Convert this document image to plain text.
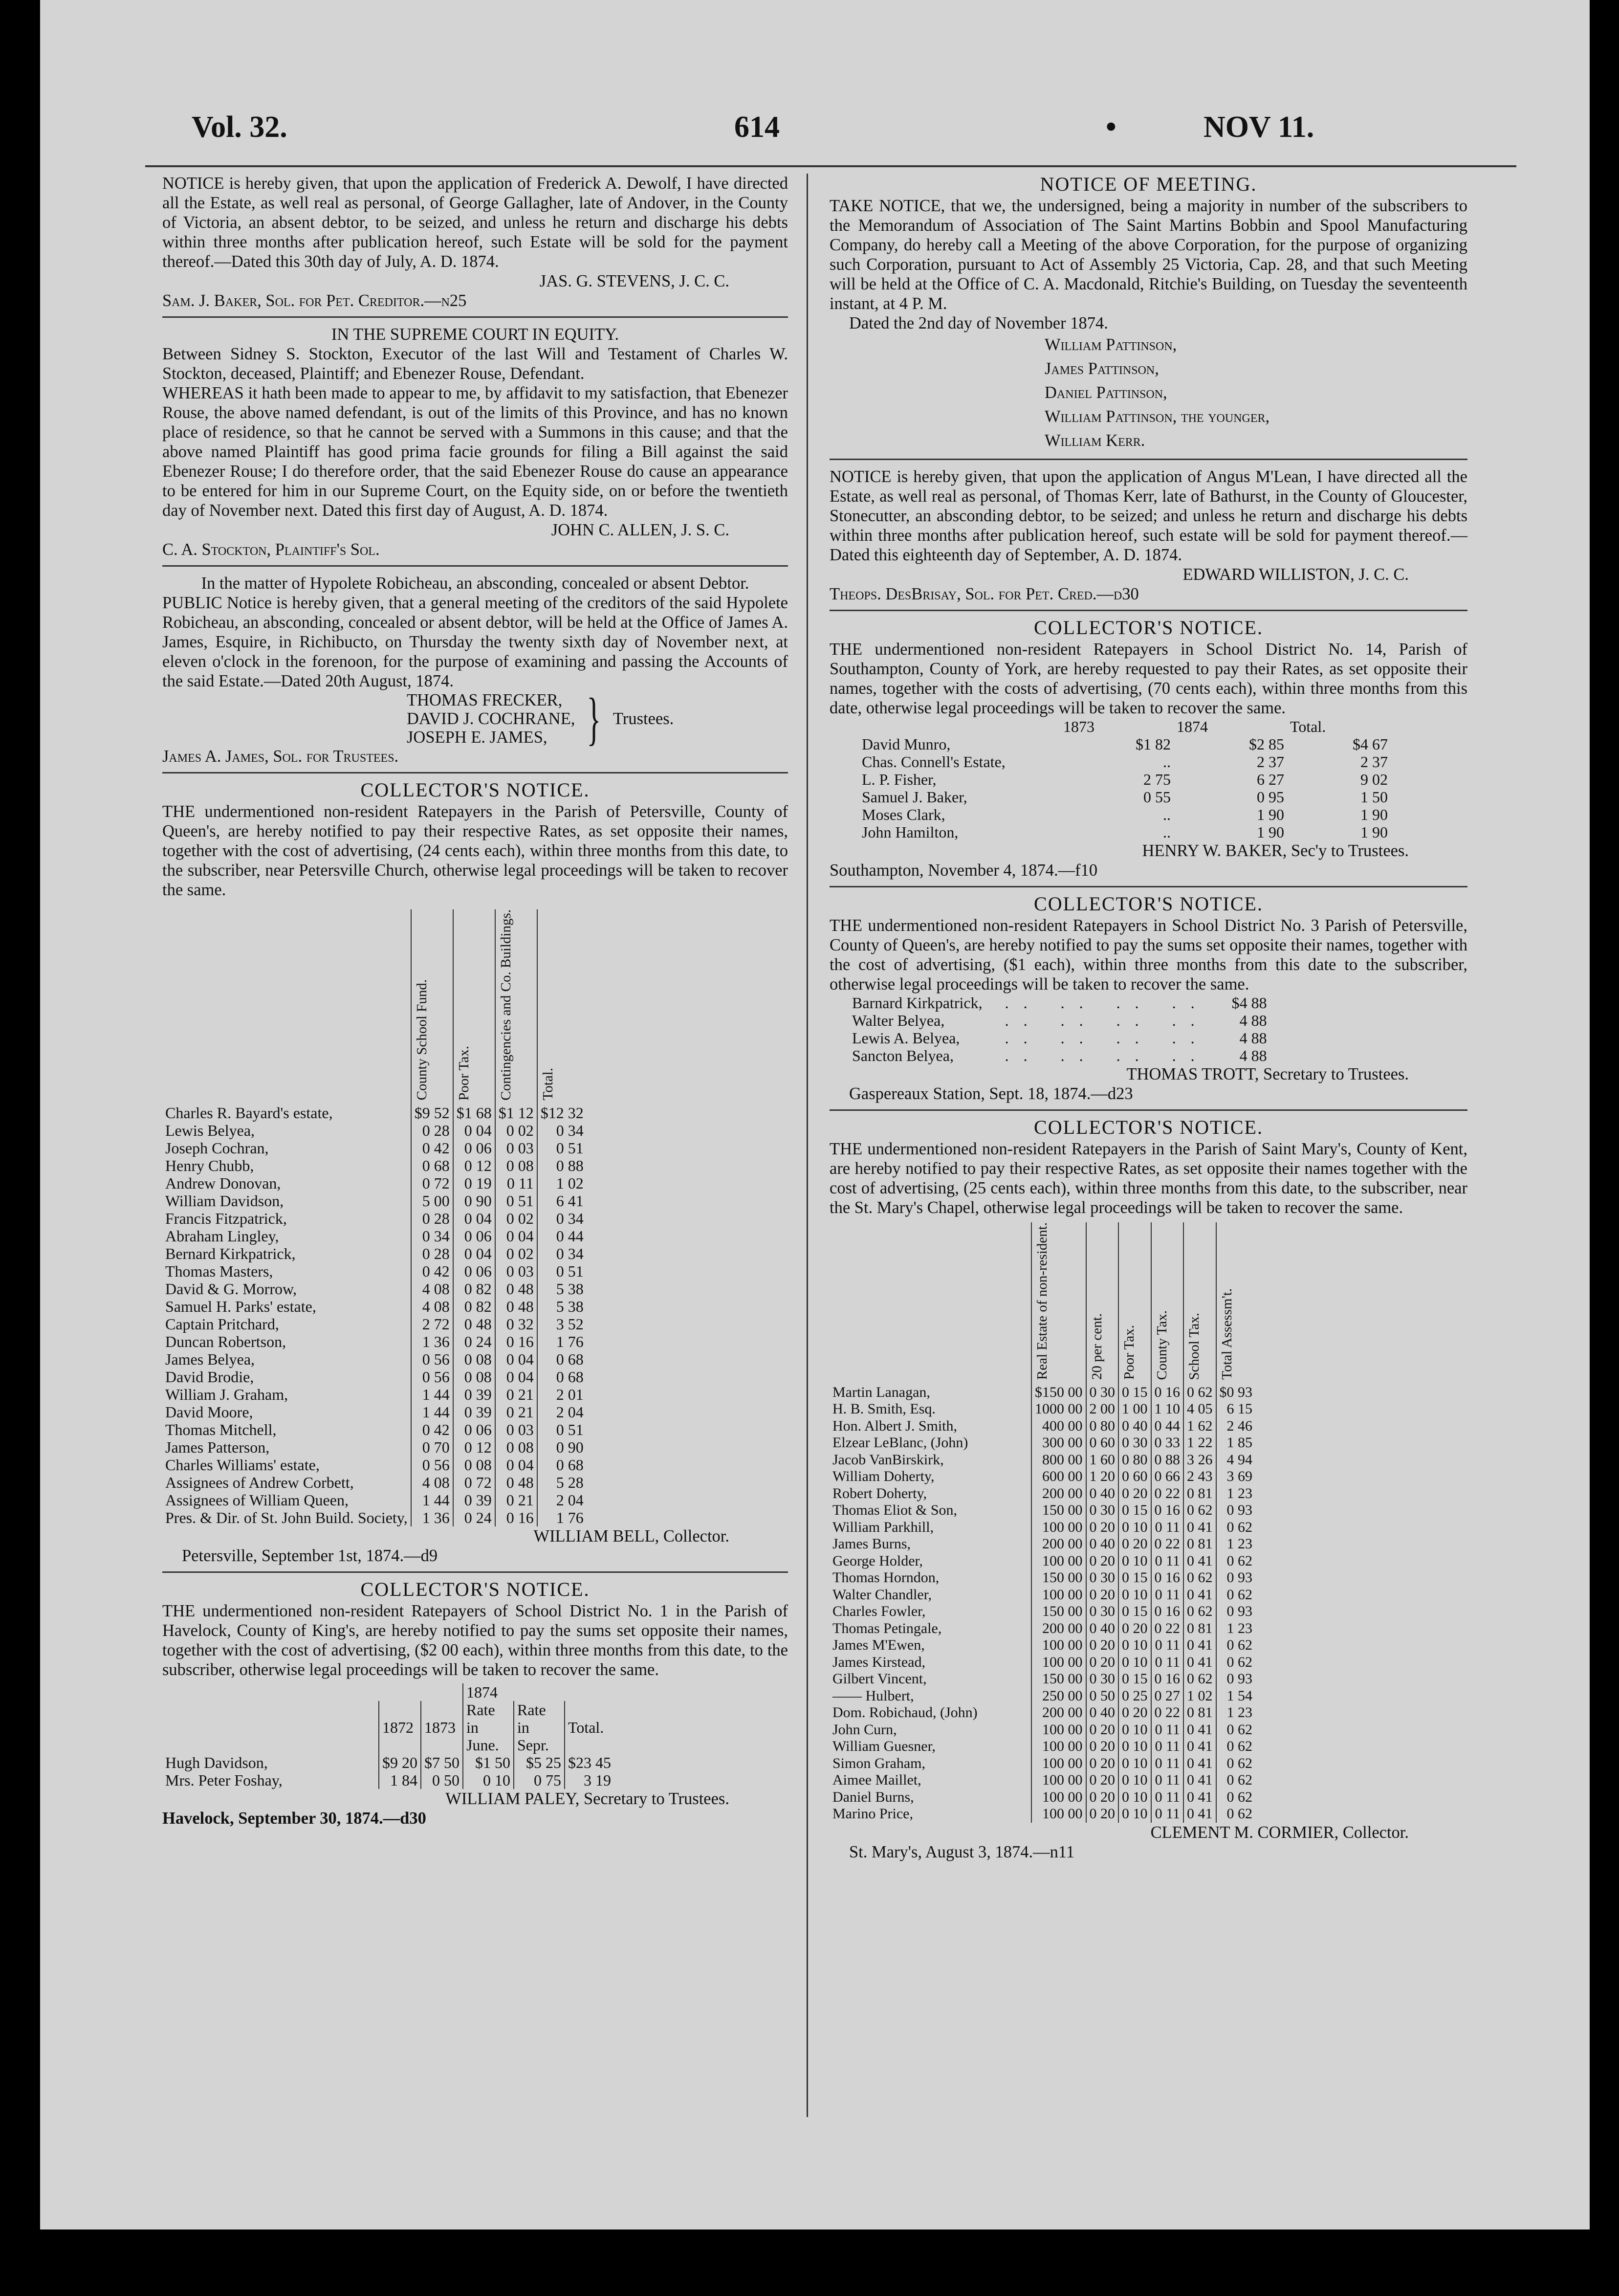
Vol. 32.	614	•	NOV 11.

NOTICE is hereby given, that upon the application of Frederick A. Dewolf, I have directed all the Estate, as well real as personal, of George Gallagher, late of Andover, in the County of Victoria, an absent debtor, to be seized, and unless he return and discharge his debts within three months after publication hereof, such Estate will be sold for the payment thereof.—Dated this 30th day of July, A. D. 1874.

JAS. G. STEVENS, J. C. C.
Sam. J. Baker, Sol. for Pet. Creditor.—n25
IN THE SUPREME COURT IN EQUITY.

Between Sidney S. Stockton, Executor of the last Will and Testament of Charles W. Stockton, deceased, Plaintiff; and Ebenezer Rouse, Defendant.

WHEREAS it hath been made to appear to me, by affidavit to my satisfaction, that Ebenezer Rouse, the above named defendant, is out of the limits of this Province, and has no known place of residence, so that he cannot be served with a Summons in this cause; and that the above named Plaintiff has good prima facie grounds for filing a Bill against the said Ebenezer Rouse; I do therefore order, that the said Ebenezer Rouse do cause an appearance to be entered for him in our Supreme Court, on the Equity side, on or before the twentieth day of November next. Dated this first day of August, A. D. 1874.

JOHN C. ALLEN, J. S. C.
C. A. Stockton, Plaintiff's Sol.
In the matter of Hypolete Robicheau, an absconding, concealed or absent Debtor.

PUBLIC Notice is hereby given, that a general meeting of the creditors of the said Hypolete Robicheau, an absconding, concealed or absent debtor, will be held at the Office of James A. James, Esquire, in Richibucto, on Thursday the twenty sixth day of November next, at eleven o'clock in the forenoon, for the purpose of examining and passing the Accounts of the said Estate.—Dated 20th August, 1874.

THOMAS FRECKER,
DAVID J. COCHRANE,
JOSEPH E. JAMES, } Trustees.
James A. James, Sol. for Trustees.
COLLECTOR'S NOTICE.

THE undermentioned non-resident Ratepayers in the Parish of Petersville, County of Queen's, are hereby notified to pay their respective Rates, as set opposite their names, together with the cost of advertising, (24 cents each), within three months from this date, to the subscriber, near Petersville Church, otherwise legal proceedings will be taken to recover the same.

	County School Fund.	Poor Tax.	Contingencies and Co. Buildings.	Total.
Charles R. Bayard's estate,	$9 52	$1 68	$1 12	$12 32
Lewis Belyea,	0 28	0 04	0 02	0 34
Joseph Cochran,	0 42	0 06	0 03	0 51
Henry Chubb,	0 68	0 12	0 08	0 88
Andrew Donovan,	0 72	0 19	0 11	1 02
William Davidson,	5 00	0 90	0 51	6 41
Francis Fitzpatrick,	0 28	0 04	0 02	0 34
Abraham Lingley,	0 34	0 06	0 04	0 44
Bernard Kirkpatrick,	0 28	0 04	0 02	0 34
Thomas Masters,	0 42	0 06	0 03	0 51
David & G. Morrow,	4 08	0 82	0 48	5 38
Samuel H. Parks' estate,	4 08	0 82	0 48	5 38
Captain Pritchard,	2 72	0 48	0 32	3 52
Duncan Robertson,	1 36	0 24	0 16	1 76
James Belyea,	0 56	0 08	0 04	0 68
David Brodie,	0 56	0 08	0 04	0 68
William J. Graham,	1 44	0 39	0 21	2 01
David Moore,	1 44	0 39	0 21	2 04
Thomas Mitchell,	0 42	0 06	0 03	0 51
James Patterson,	0 70	0 12	0 08	0 90
Charles Williams' estate,	0 56	0 08	0 04	0 68
Assignees of Andrew Corbett,	4 08	0 72	0 48	5 28
Assignees of William Queen,	1 44	0 39	0 21	2 04
Pres. & Dir. of St. John Build. Society,	1 36	0 24	0 16	1 76
WILLIAM BELL, Collector.
Petersville, September 1st, 1874.—d9
COLLECTOR'S NOTICE.

THE undermentioned non-resident Ratepayers of School District No. 1 in the Parish of Havelock, County of King's, are hereby notified to pay the sums set opposite their names, together with the cost of advertising, ($2 00 each), within three months from this date, to the subscriber, otherwise legal proceedings will be taken to recover the same.

			1874		
	1872	1873	Rate in June.	Rate in Sepr.	Total.
Hugh Davidson,	$9 20	$7 50	$1 50	$5 25	$23 45
Mrs. Peter Foshay,	1 84	0 50	0 10	0 75	3 19
WILLIAM PALEY, Secretary to Trustees.
Havelock, September 30, 1874.—d30
NOTICE OF MEETING.

TAKE NOTICE, that we, the undersigned, being a majority in number of the subscribers to the Memorandum of Association of The Saint Martins Bobbin and Spool Manufacturing Company, do hereby call a Meeting of the above Corporation, for the purpose of organizing such Corporation, pursuant to Act of Assembly 25 Victoria, Cap. 28, and that such Meeting will be held at the Office of C. A. Macdonald, Ritchie's Building, on Tuesday the seventeenth instant, at 4 P. M.

Dated the 2nd day of November 1874.
William Pattinson,
James Pattinson,
Daniel Pattinson,
William Pattinson, the younger,
William Kerr.

NOTICE is hereby given, that upon the application of Angus M'Lean, I have directed all the Estate, as well real as personal, of Thomas Kerr, late of Bathurst, in the County of Gloucester, Stonecutter, an absconding debtor, to be seized; and unless he return and discharge his debts within three months after publication hereof, such estate will be sold for payment thereof.—Dated this eighteenth day of September, A. D. 1874.

EDWARD WILLISTON, J. C. C.
Theops. DesBrisay, Sol. for Pet. Cred.—d30
COLLECTOR'S NOTICE.

THE undermentioned non-resident Ratepayers in School District No. 14, Parish of Southampton, County of York, are hereby requested to pay their Rates, as set opposite their names, together with the costs of advertising, (70 cents each), within three months from this date, otherwise legal proceedings will be taken to recover the same.

	1873	1874	Total.
David Munro,	$1 82	$2 85	$4 67
Chas. Connell's Estate,	..	2 37	2 37
L. P. Fisher,	2 75	6 27	9 02
Samuel J. Baker,	0 55	0 95	1 50
Moses Clark,	..	1 90	1 90
John Hamilton,	..	1 90	1 90
HENRY W. BAKER, Sec'y to Trustees.
Southampton, November 4, 1874.—f10
COLLECTOR'S NOTICE.

THE undermentioned non-resident Ratepayers in School District No. 3 Parish of Petersville, County of Queen's, are hereby notified to pay the sums set opposite their names, together with the cost of advertising, ($1 each), within three months from this date to the subscriber, otherwise legal proceedings will be taken to recover the same.

Barnard Kirkpatrick,	.. .. .. ..	$4 88
Walter Belyea,	.. .. .. ..	4 88
Lewis A. Belyea,	.. .. .. ..	4 88
Sancton Belyea,	.. .. .. ..	4 88
THOMAS TROTT, Secretary to Trustees.
Gaspereaux Station, Sept. 18, 1874.—d23
COLLECTOR'S NOTICE.

THE undermentioned non-resident Ratepayers in the Parish of Saint Mary's, County of Kent, are hereby notified to pay their respective Rates, as set opposite their names together with the cost of advertising, (25 cents each), within three months from this date, to the subscriber, near the St. Mary's Chapel, otherwise legal proceedings will be taken to recover the same.

	Real Estate of non-resident.	20 per cent.	Poor Tax.	County Tax.	School Tax.	Total Assessm't.
Martin Lanagan,	$150 00	0 30	0 15	0 16	0 62	$0 93
H. B. Smith, Esq.	1000 00	2 00	1 00	1 10	4 05	6 15
Hon. Albert J. Smith,	400 00	0 80	0 40	0 44	1 62	2 46
Elzear LeBlanc, (John)	300 00	0 60	0 30	0 33	1 22	1 85
Jacob VanBirskirk,	800 00	1 60	0 80	0 88	3 26	4 94
William Doherty,	600 00	1 20	0 60	0 66	2 43	3 69
Robert Doherty,	200 00	0 40	0 20	0 22	0 81	1 23
Thomas Eliot & Son,	150 00	0 30	0 15	0 16	0 62	0 93
William Parkhill,	100 00	0 20	0 10	0 11	0 41	0 62
James Burns,	200 00	0 40	0 20	0 22	0 81	1 23
George Holder,	100 00	0 20	0 10	0 11	0 41	0 62
Thomas Horndon,	150 00	0 30	0 15	0 16	0 62	0 93
Walter Chandler,	100 00	0 20	0 10	0 11	0 41	0 62
Charles Fowler,	150 00	0 30	0 15	0 16	0 62	0 93
Thomas Petingale,	200 00	0 40	0 20	0 22	0 81	1 23
James M'Ewen,	100 00	0 20	0 10	0 11	0 41	0 62
James Kirstead,	100 00	0 20	0 10	0 11	0 41	0 62
Gilbert Vincent,	150 00	0 30	0 15	0 16	0 62	0 93
—— Hulbert,	250 00	0 50	0 25	0 27	1 02	1 54
Dom. Robichaud, (John)	200 00	0 40	0 20	0 22	0 81	1 23
John Curn,	100 00	0 20	0 10	0 11	0 41	0 62
William Guesner,	100 00	0 20	0 10	0 11	0 41	0 62
Simon Graham,	100 00	0 20	0 10	0 11	0 41	0 62
Aimee Maillet,	100 00	0 20	0 10	0 11	0 41	0 62
Daniel Burns,	100 00	0 20	0 10	0 11	0 41	0 62
Marino Price,	100 00	0 20	0 10	0 11	0 41	0 62
CLEMENT M. CORMIER, Collector.
St. Mary's, August 3, 1874.—n11
